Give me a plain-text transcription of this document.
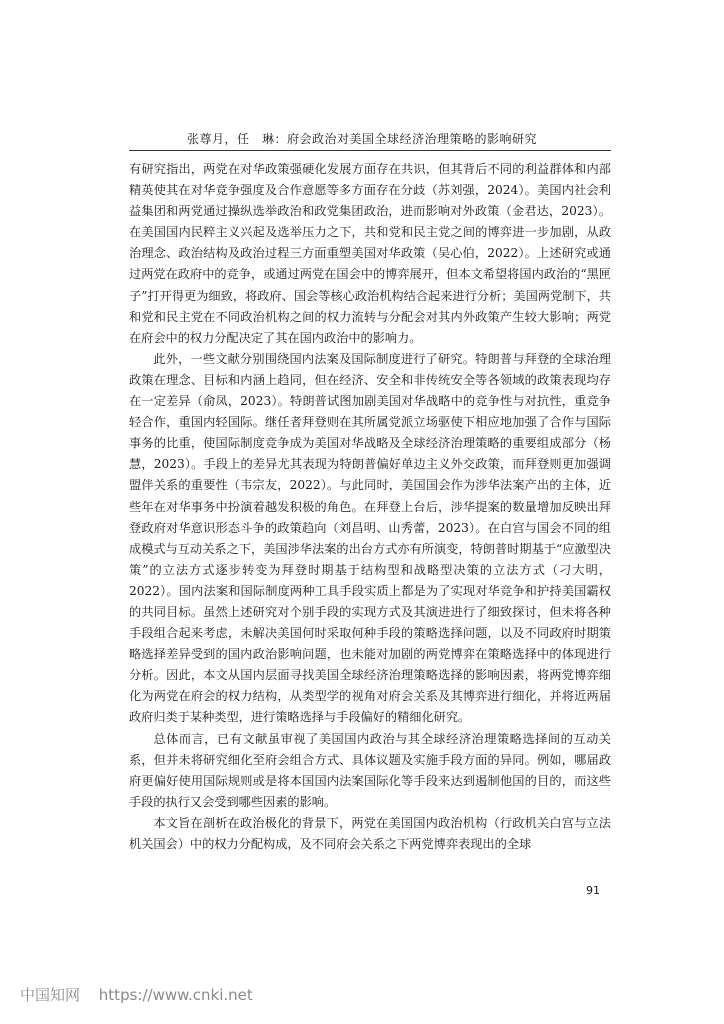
张尊月，任　琳：府会政治对美国全球经济治理策略的影响研究

有研究指出，两党在对华政策强硬化发展方面存在共识，但其背后不同的利益群体和内部精英使其在对华竞争强度及合作意愿等多方面存在分歧（苏刘强，2024）。美国内社会利益集团和两党通过操纵选举政治和政党集团政治，进而影响对外政策（金君达，2023）。在美国国内民粹主义兴起及选举压力之下，共和党和民主党之间的博弈进一步加剧，从政治理念、政治结构及政治过程三方面重塑美国对华政策（吴心伯，2022）。上述研究或通过两党在政府中的竞争，或通过两党在国会中的博弈展开，但本文希望将国内政治的“黑匣子”打开得更为细致，将政府、国会等核心政治机构结合起来进行分析；美国两党制下，共和党和民主党在不同政治机构之间的权力流转与分配会对其内外政策产生较大影响；两党在府会中的权力分配决定了其在国内政治中的影响力。

此外，一些文献分别围绕国内法案及国际制度进行了研究。特朗普与拜登的全球治理政策在理念、目标和内涵上趋同，但在经济、安全和非传统安全等各领域的政策表现均存在一定差异（俞凤，2023）。特朗普试图加剧美国对华战略中的竞争性与对抗性，重竞争轻合作，重国内轻国际。继任者拜登则在其所属党派立场驱使下相应地加强了合作与国际事务的比重，使国际制度竞争成为美国对华战略及全球经济治理策略的重要组成部分（杨慧，2023）。手段上的差异尤其表现为特朗普偏好单边主义外交政策，而拜登则更加强调盟伴关系的重要性（韦宗友，2022）。与此同时，美国国会作为涉华法案产出的主体，近些年在对华事务中扮演着越发积极的角色。在拜登上台后，涉华提案的数量增加反映出拜登政府对华意识形态斗争的政策趋向（刘昌明、山秀蕾，2023）。在白宫与国会不同的组成模式与互动关系之下，美国涉华法案的出台方式亦有所演变，特朗普时期基于“应激型决策”的立法方式逐步转变为拜登时期基于结构型和战略型决策的立法方式（刁大明，2022）。国内法案和国际制度两种工具手段实质上都是为了实现对华竞争和护持美国霸权的共同目标。虽然上述研究对个别手段的实现方式及其演进进行了细致探讨，但未将各种手段组合起来考虑，未解决美国何时采取何种手段的策略选择问题，以及不同政府时期策略选择差异受到的国内政治影响问题，也未能对加剧的两党博弈在策略选择中的体现进行分析。因此，本文从国内层面寻找美国全球经济治理策略选择的影响因素，将两党博弈细化为两党在府会的权力结构，从类型学的视角对府会关系及其博弈进行细化，并将近两届政府归类于某种类型，进行策略选择与手段偏好的精细化研究。

总体而言，已有文献虽审视了美国国内政治与其全球经济治理策略选择间的互动关系，但并未将研究细化至府会组合方式、具体议题及实施手段方面的异同。例如，哪届政府更偏好使用国际规则或是将本国国内法案国际化等手段来达到遏制他国的目的，而这些手段的执行又会受到哪些因素的影响。

本文旨在剖析在政治极化的背景下，两党在美国国内政治机构（行政机关白宫与立法机关国会）中的权力分配构成，及不同府会关系之下两党博弈表现出的全球

91
中国知网 https://www.cnki.net
